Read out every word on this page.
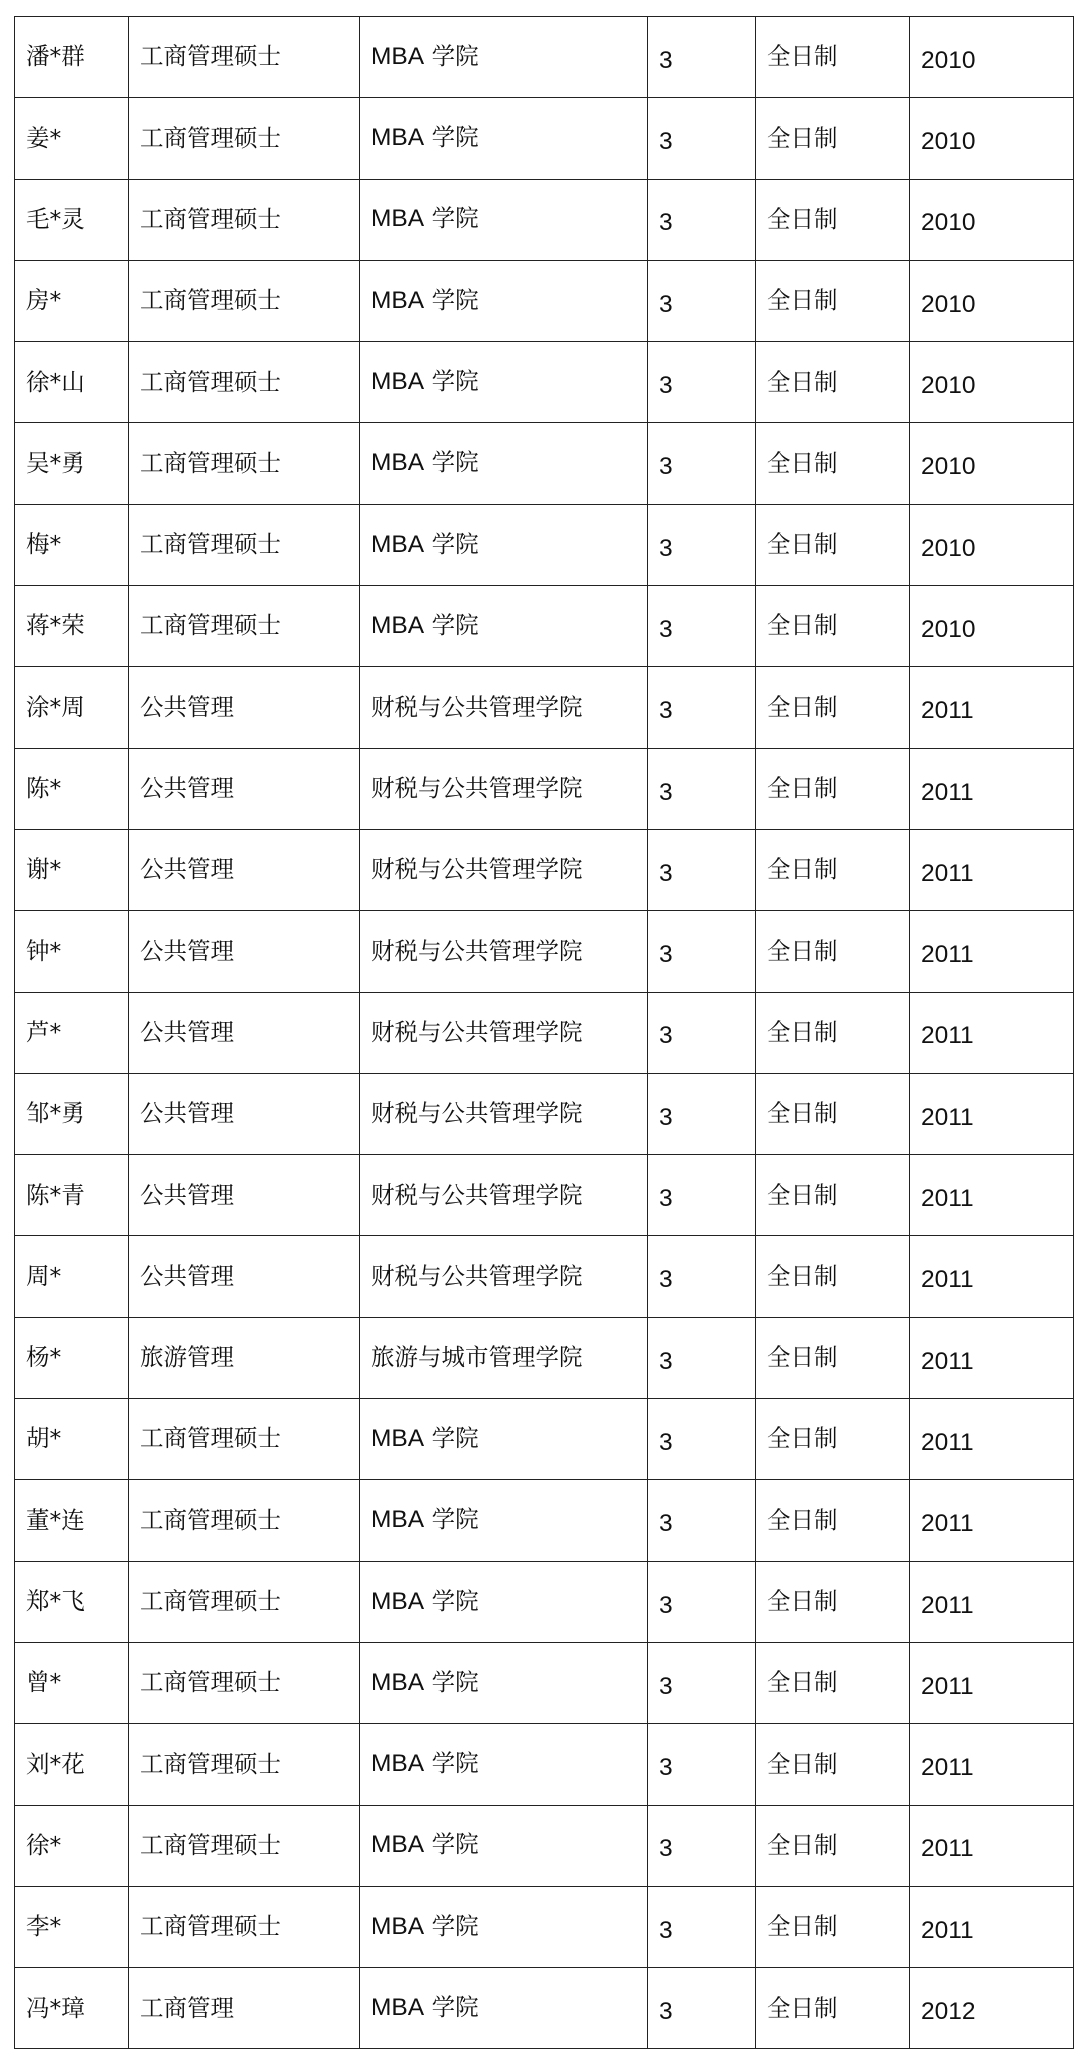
潘*群	工商管理硕士	MBA 学院	3	全日制	2010
姜*	工商管理硕士	MBA 学院	3	全日制	2010
毛*灵	工商管理硕士	MBA 学院	3	全日制	2010
房*	工商管理硕士	MBA 学院	3	全日制	2010
徐*山	工商管理硕士	MBA 学院	3	全日制	2010
吴*勇	工商管理硕士	MBA 学院	3	全日制	2010
梅*	工商管理硕士	MBA 学院	3	全日制	2010
蒋*荣	工商管理硕士	MBA 学院	3	全日制	2010
涂*周	公共管理	财税与公共管理学院	3	全日制	2011
陈*	公共管理	财税与公共管理学院	3	全日制	2011
谢*	公共管理	财税与公共管理学院	3	全日制	2011
钟*	公共管理	财税与公共管理学院	3	全日制	2011
芦*	公共管理	财税与公共管理学院	3	全日制	2011
邹*勇	公共管理	财税与公共管理学院	3	全日制	2011
陈*青	公共管理	财税与公共管理学院	3	全日制	2011
周*	公共管理	财税与公共管理学院	3	全日制	2011
杨*	旅游管理	旅游与城市管理学院	3	全日制	2011
胡*	工商管理硕士	MBA 学院	3	全日制	2011
董*连	工商管理硕士	MBA 学院	3	全日制	2011
郑*飞	工商管理硕士	MBA 学院	3	全日制	2011
曾*	工商管理硕士	MBA 学院	3	全日制	2011
刘*花	工商管理硕士	MBA 学院	3	全日制	2011
徐*	工商管理硕士	MBA 学院	3	全日制	2011
李*	工商管理硕士	MBA 学院	3	全日制	2011
冯*璋	工商管理	MBA 学院	3	全日制	2012
